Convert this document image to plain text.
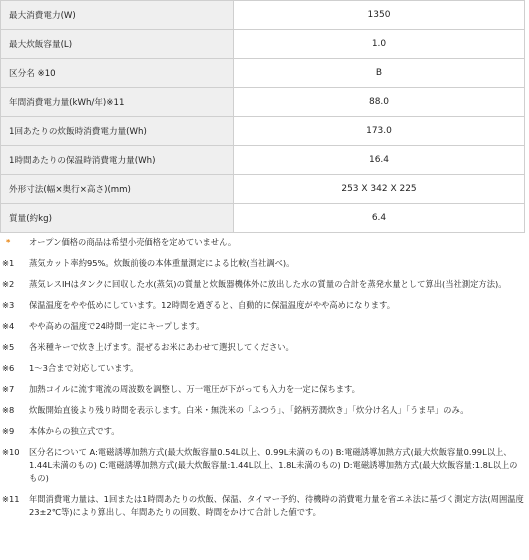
最大消費電力(W)	1350
最大炊飯容量(L)	1.0
区分名 ※10	B
年間消費電力量(kWh/年)※11	88.0
1回あたりの炊飯時消費電力量(Wh)	173.0
1時間あたりの保温時消費電力量(Wh)	16.4
外形寸法(幅×奥行×高さ)(mm)	253 X 342 X 225
質量(約kg)	6.4
*	オープン価格の商品は希望小売価格を定めていません。
※1	蒸気カット率約95%。炊飯前後の本体重量測定による比較(当社調べ)。
※2	蒸気レスIHはタンクに回収した水(蒸気)の質量と炊飯器機体外に放出した水の質量の合計を蒸発水量として算出(当社測定方法)。
※3	保温温度をやや低めにしています。12時間を過ぎると、自動的に保温温度がやや高めになります。
※4	やや高めの温度で24時間一定にキープします。
※5	各米種キーで炊き上げます。混ぜるお米にあわせて選択してください。
※6	1〜3合まで対応しています。
※7	加熱コイルに流す電流の周波数を調整し、万一電圧が下がっても入力を一定に保ちます。
※8	炊飯開始直後より残り時間を表示します。白米・無洗米の「ふつう」、「銘柄芳潤炊き」「炊分け名人」「うま早」のみ。
※9	本体からの独立式です。
※10	区分名について A:電磁誘導加熱方式(最大炊飯容量0.54L以上、0.99L未満のもの) B:電磁誘導加熱方式(最大炊飯容量0.99L以上、1.44L未満のもの) C:電磁誘導加熱方式(最大炊飯容量:1.44L以上、1.8L未満のもの) D:電磁誘導加熱方式(最大炊飯容量:1.8L以上のもの)
※11	年間消費電力量は、1回または1時間あたりの炊飯、保温、タイマー予約、待機時の消費電力量を省エネ法に基づく測定方法(周囲温度23±2℃等)により算出し、年間あたりの回数、時間をかけて合計した値です。
